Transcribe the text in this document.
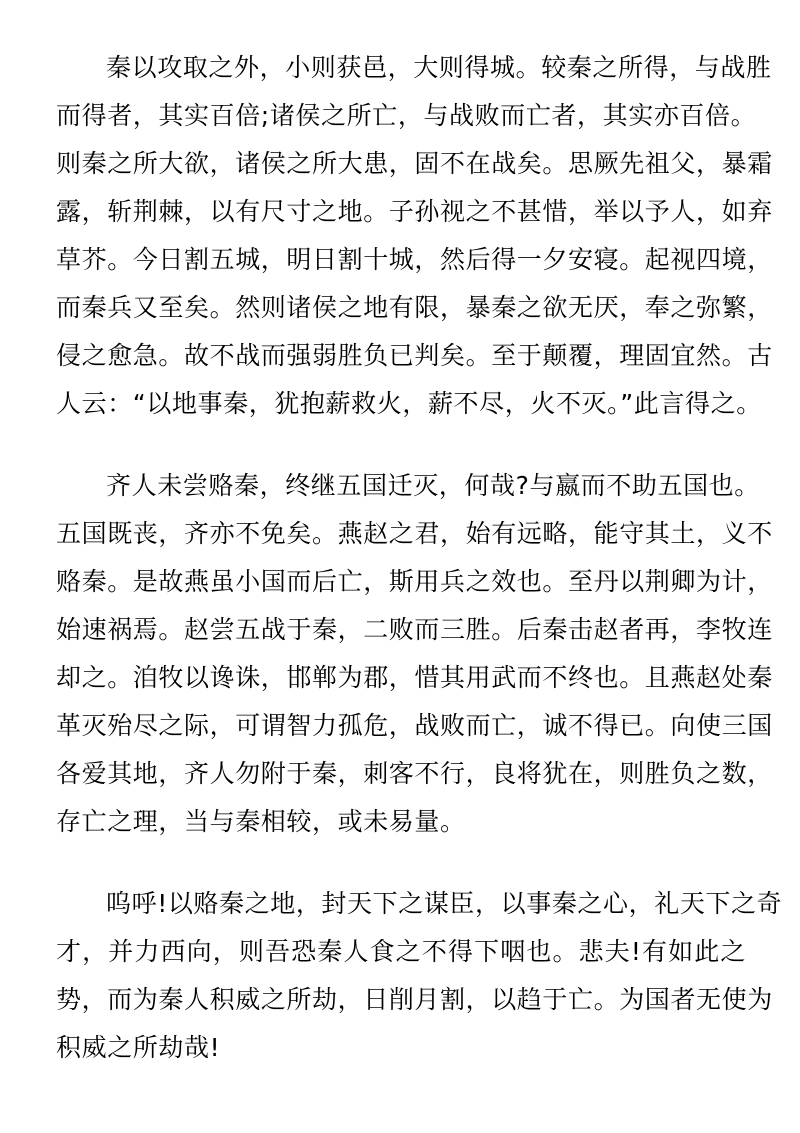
秦以攻取之外，小则获邑，大则得城。较秦之所得，与战胜
而得者，其实百倍;诸侯之所亡，与战败而亡者，其实亦百倍。
则秦之所大欲，诸侯之所大患，固不在战矣。思厥先祖父，暴霜
露，斩荆棘，以有尺寸之地。子孙视之不甚惜，举以予人，如弃
草芥。今日割五城，明日割十城，然后得一夕安寝。起视四境，
而秦兵又至矣。然则诸侯之地有限，暴秦之欲无厌，奉之弥繁，
侵之愈急。故不战而强弱胜负已判矣。至于颠覆，理固宜然。古
人云：“以地事秦，犹抱薪救火，薪不尽，火不灭。”此言得之。
齐人未尝赂秦，终继五国迁灭，何哉?与嬴而不助五国也。
五国既丧，齐亦不免矣。燕赵之君，始有远略，能守其土，义不
赂秦。是故燕虽小国而后亡，斯用兵之效也。至丹以荆卿为计，
始速祸焉。赵尝五战于秦，二败而三胜。后秦击赵者再，李牧连
却之。洎牧以谗诛，邯郸为郡，惜其用武而不终也。且燕赵处秦
革灭殆尽之际，可谓智力孤危，战败而亡，诚不得已。向使三国
各爱其地，齐人勿附于秦，刺客不行，良将犹在，则胜负之数，
存亡之理，当与秦相较，或未易量。
呜呼!以赂秦之地，封天下之谋臣，以事秦之心，礼天下之奇
才，并力西向，则吾恐秦人食之不得下咽也。悲夫!有如此之
势，而为秦人积威之所劫，日削月割，以趋于亡。为国者无使为
积威之所劫哉!
